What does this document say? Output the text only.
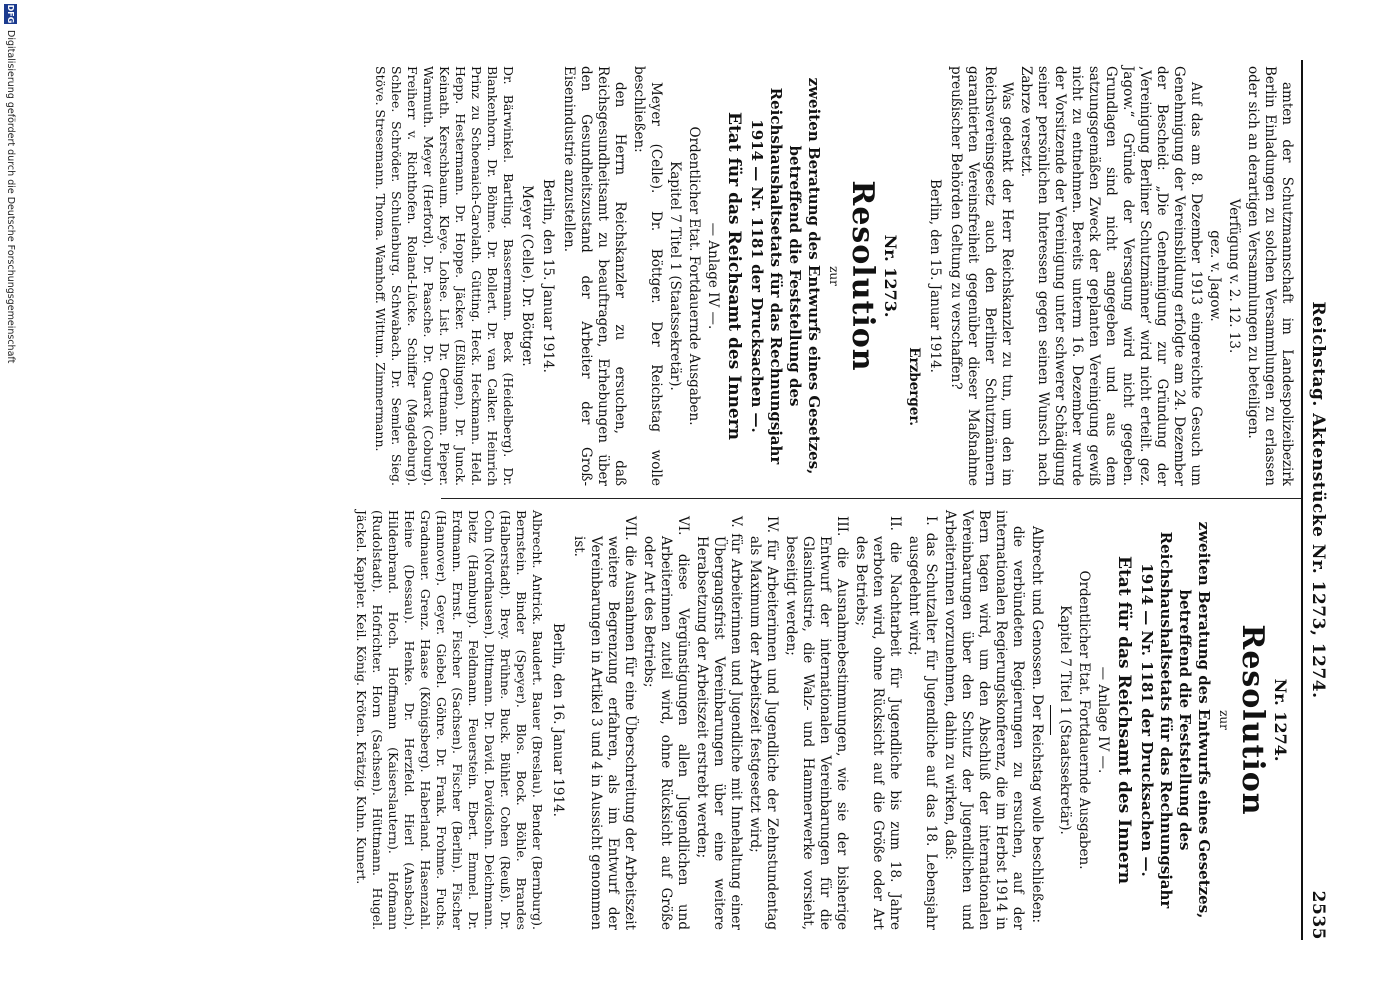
Reichstag. Aktenstücke Nr. 1273, 1274.
2535

amten der Schutzmannschaft im Landespolizeibezirk Berlin Einladungen zu solchen Versammlungen zu erlassen oder sich an derartigen Versammlungen zu beteiligen.

Verfügung v. 2. 12. 13.

gez. v. Jagow.

Auf das am 8. Dezember 1913 eingereichte Gesuch um Genehmigung der Vereinsbildung erfolgte am 24. Dezember der Bescheid: „Die Genehmigung zur Gründung der ‚Vereinigung Berliner Schutzmänner‘ wird nicht erteilt. gez. Jagow.“ Gründe der Versagung wird nicht gegeben. Grundlagen sind nicht angegeben und aus dem satzungsgemäßen Zweck der geplanten Vereinigung gewiß nicht zu entnehmen. Bereits unterm 16. Dezember wurde der Vorsitzende der Vereinigung unter schwerer Schädigung seiner persönlichen Interessen gegen seinen Wunsch nach Zabrze versetzt.

Was gedenkt der Herr Reichskanzler zu tun, um den im Reichsvereinsgesetz auch den Berliner Schutzmännern garantierten Vereinsfreiheit gegenüber dieser Maßnahme preußischer Behörden Geltung zu verschaffen?

Berlin, den 15. Januar 1914.

Erzberger.

Nr. 1273.

Resolution

zur

zweiten Beratung des Entwurfs eines Gesetzes, betreffend die Feststellung des Reichshaushaltsetats für das Rechnungsjahr 1914 — Nr. 1181 der Drucksachen —.

Etat für das Reichsamt des Innern

— Anlage IV —.

Ordentlicher Etat. Fortdauernde Ausgaben.

Kapitel 7 Titel 1 (Staatssekretär).

Meyer (Celle). Dr. Böttger. Der Reichstag wolle beschließen:

den Herrn Reichskanzler zu ersuchen, daß Reichsgesundheitsamt zu beauftragen, Erhebungen über den Gesundheitszustand der Arbeiter der Groß-Eisenindustrie anzustellen.

Berlin, den 15. Januar 1914.

Meyer (Celle). Dr. Böttger.

Dr. Bärwinkel. Bartling. Bassermann. Beck (Heidelberg). Dr. Blankenhorn. Dr. Böhme. Dr. Bollert. Dr. van Calker. Heinrich Prinz zu Schoenaich-Carolath. Gütting. Heck. Heckmann. Held. Hepp. Hestermann. Dr. Hoppe. Jäcker. (Eßlingen). Dr. Junck. Keinath. Kerschbaum. Kleye. Lohse. List. Dr. Oertmann. Pieper. Warmuth. Meyer (Herford). Dr. Paasche. Dr. Quarck (Coburg). Freiherr v. Richthofen. Roland-Lücke. Schiffer (Magdeburg). Schlee. Schröder. Schulenburg. Schwabach. Dr. Semler. Sieg. Stöve. Stresemann. Thoma. Wamhoff. Wittum. Zimmermann.

Nr. 1274.

Resolution

zur

zweiten Beratung des Entwurfs eines Gesetzes, betreffend die Feststellung des Reichshaushaltsetats für das Rechnungsjahr 1914 — Nr. 1181 der Drucksachen —.

Etat für das Reichsamt des Innern

— Anlage IV —.

Ordentlicher Etat. Fortdauernde Ausgaben.

Kapitel 7 Titel 1 (Staatssekretär).

Albrecht und Genossen. Der Reichstag wolle beschließen:

die verbündeten Regierungen zu ersuchen, auf der internationalen Regierungskonferenz, die im Herbst 1914 in Bern tagen wird, um den Abschluß der internationalen Vereinbarungen über den Schutz der Jugendlichen und Arbeiterinnen vorzunehmen, dahin zu wirken, daß:

I. das Schutzalter für Jugendliche auf das 18. Lebensjahr ausgedehnt wird;

II. die Nachtarbeit für Jugendliche bis zum 18. Jahre verboten wird, ohne Rücksicht auf die Größe oder Art des Betriebs;

III. die Ausnahmebestimmungen, wie sie der bisherige Entwurf der internationalen Vereinbarungen für die Glasindustrie, die Walz- und Hammerwerke vorsieht, beseitigt werden;

IV. für Arbeiterinnen und Jugendliche der Zehnstundentag als Maximum der Arbeitszeit festgesetzt wird;

V. für Arbeiterinnen und Jugendliche mit Innehaltung einer Übergangsfrist Vereinbarungen über eine weitere Herabsetzung der Arbeitszeit erstrebt werden;

VI. diese Vergünstigungen allen Jugendlichen und Arbeiterinnen zuteil wird, ohne Rücksicht auf Größe oder Art des Betriebs;

VII. die Ausnahmen für eine Überschreitung der Arbeitszeit weitere Begrenzung erfahren, als im Entwurf der Vereinbarungen in Artikel 3 und 4 in Aussicht genommen ist.

Berlin, den 16. Januar 1914.

Albrecht. Antrick. Baudert. Bauer (Breslau). Bender (Bernburg). Bernstein. Binder (Speyer). Blos. Bock. Böhle. Brandes (Halberstadt). Brey. Brühne. Buck. Bühler. Cohen (Reuß). Dr. Cohn (Nordhausen). Dittmann. Dr. David. Davidsohn. Deichmann. Dietz (Hamburg). Feldmann. Feuerstein. Ebert. Emmel. Dr. Erdmann. Ernst. Fischer (Sachsen). Fischer (Berlin). Fischer (Hannover). Geyer. Giebel. Göhre. Dr. Frank. Frohme. Fuchs. Gradnauer. Grenz. Haase (Königsberg). Haberland. Hasenzahl. Heine (Dessau). Henke. Dr. Herzfeld. Hierl (Ansbach). Hildenbrand. Hoch. Hoffmann (Kaiserslautern). Hofmann (Rudolstadt). Hofrichter. Horn (Sachsen). Hüttmann. Hugel. Jäckel. Kappler. Keil. König. Kröten. Krätzig. Kuhn. Kunert.

DFG
Digitalisierung gefördert durch die Deutsche Forschungsgemeinschaft
